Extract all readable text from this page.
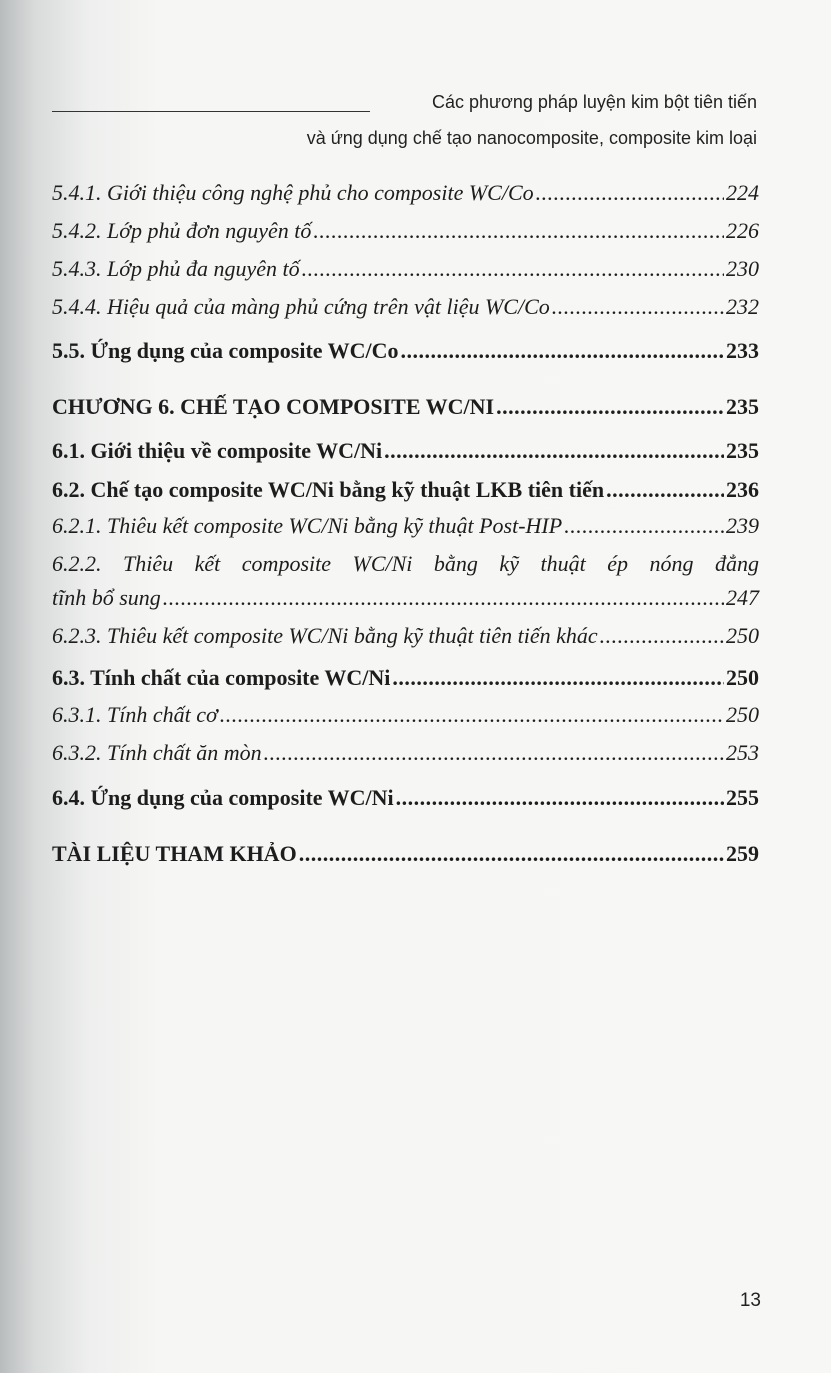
Các phương pháp luyện kim bột tiên tiến
và ứng dụng chế tạo nanocomposite, composite kim loại
5.4.1. Giới thiệu công nghệ phủ cho composite WC/Co .....	224
5.4.2. Lớp phủ đơn nguyên tố .....	226
5.4.3. Lớp phủ đa nguyên tố .....	230
5.4.4. Hiệu quả của màng phủ cứng trên vật liệu WC/Co .....	232
5.5. Ứng dụng của composite WC/Co .....	233
CHƯƠNG 6. CHẾ TẠO COMPOSITE WC/NI .....	235
6.1. Giới thiệu về composite WC/Ni .....	235
6.2. Chế tạo composite WC/Ni bằng kỹ thuật LKB tiên tiến .....	236
6.2.1. Thiêu kết composite WC/Ni bằng kỹ thuật Post-HIP .....	239
6.2.2. Thiêu kết composite WC/Ni bằng kỹ thuật ép nóng đẳng
tĩnh bổ sung .....	247
6.2.3. Thiêu kết composite WC/Ni bằng kỹ thuật tiên tiến khác .....	250
6.3. Tính chất của composite WC/Ni .....	250
6.3.1. Tính chất cơ .....	250
6.3.2. Tính chất ăn mòn .....	253
6.4. Ứng dụng của composite WC/Ni .....	255
TÀI LIỆU THAM KHẢO .....	259
13
